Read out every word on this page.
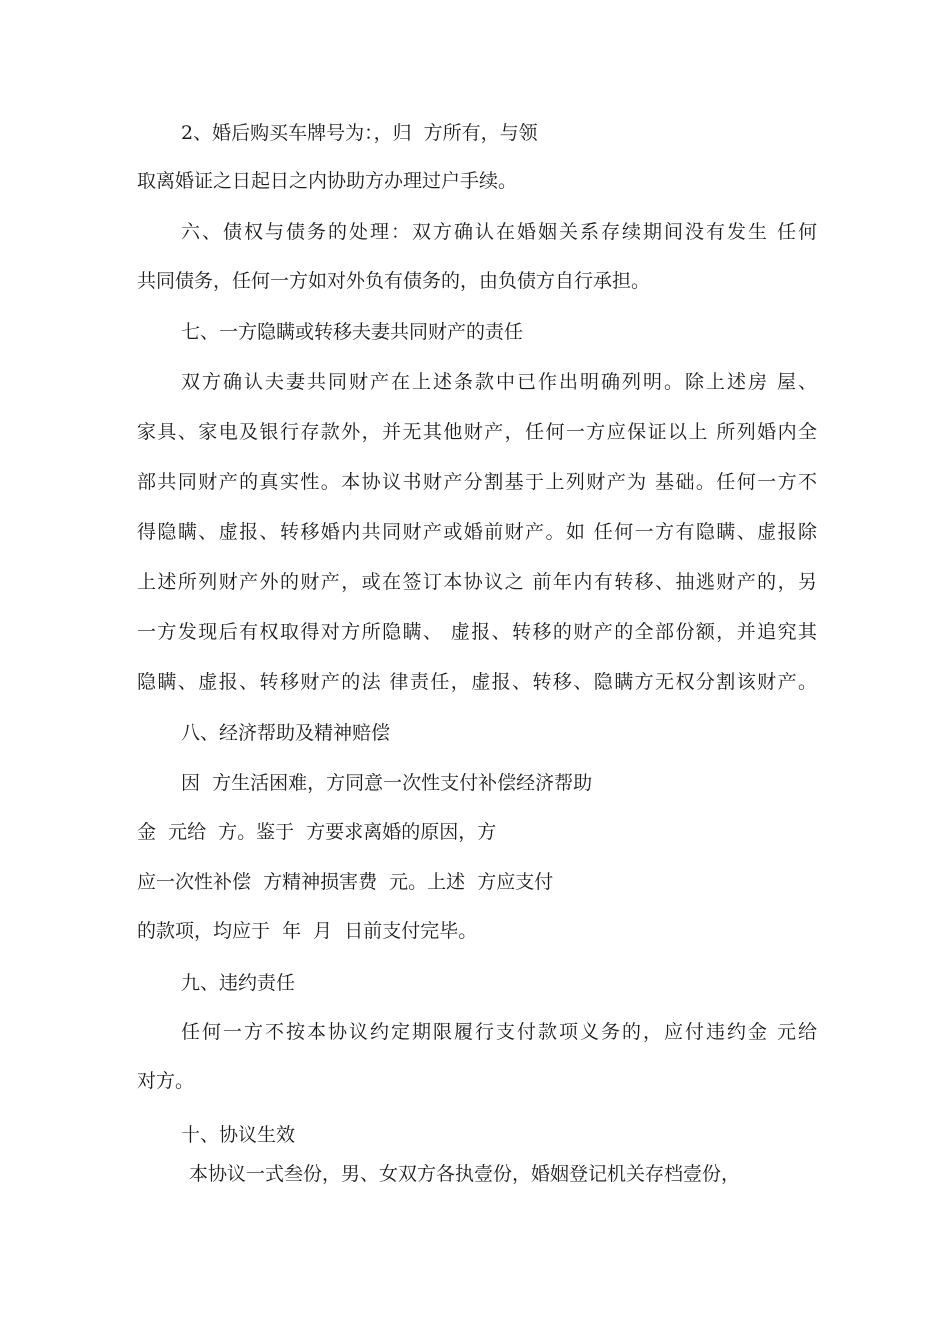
2、婚后购买车牌号为：，归  方所有，与领

取离婚证之日起日之内协助方办理过户手续。

六、债权与债务的处理：双方确认在婚姻关系存续期间没有发生 任何

共同债务，任何一方如对外负有债务的，由负债方自行承担。

七、一方隐瞒或转移夫妻共同财产的责任

双方确认夫妻共同财产在上述条款中已作出明确列明。除上述房 屋、

家具、家电及银行存款外，并无其他财产，任何一方应保证以上 所列婚内全

部共同财产的真实性。本协议书财产分割基于上列财产为 基础。任何一方不

得隐瞒、虚报、转移婚内共同财产或婚前财产。如 任何一方有隐瞒、虚报除

上述所列财产外的财产，或在签订本协议之 前年内有转移、抽逃财产的，另

一方发现后有权取得对方所隐瞒、 虚报、转移的财产的全部份额，并追究其

隐瞒、虚报、转移财产的法 律责任，虚报、转移、隐瞒方无权分割该财产。

八、经济帮助及精神赔偿

因  方生活困难，方同意一次性支付补偿经济帮助

金  元给  方。鉴于  方要求离婚的原因，方

应一次性补偿  方精神损害费  元。上述  方应支付

的款项，均应于  年  月  日前支付完毕。

九、违约责任

任何一方不按本协议约定期限履行支付款项义务的，应付违约金 元给

对方。

十、协议生效

本协议一式叁份，男、女双方各执壹份，婚姻登记机关存档壹份，
